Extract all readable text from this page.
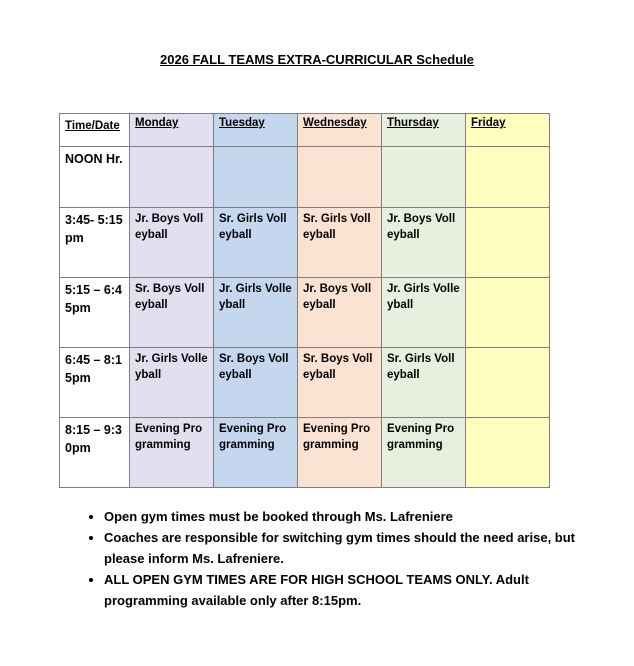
2026 FALL TEAMS EXTRA-CURRICULAR Schedule
Time/Date	Monday	Tuesday	Wednesday	Thursday	Friday
NOON Hr.					
3:45- 5:15pm	Jr. Boys Volleyball	Sr. Girls Volleyball	Sr. Girls Volleyball	Jr. Boys Volleyball	
5:15 – 6:45pm	Sr. Boys Volleyball	Jr. Girls Volleyball	Jr. Boys Volleyball	Jr. Girls Volleyball	
6:45 – 8:15pm	Jr. Girls Volleyball	Sr. Boys Volleyball	Sr. Boys Volleyball	Sr. Girls Volleyball	
8:15 – 9:30pm	Evening Programming	Evening Programming	Evening Programming	Evening Programming	
• Open gym times must be booked through Ms. Lafreniere
• Coaches are responsible for switching gym times should the need arise, but please inform Ms. Lafreniere.
• ALL OPEN GYM TIMES ARE FOR HIGH SCHOOL TEAMS ONLY. Adult programming available only after 8:15pm.
